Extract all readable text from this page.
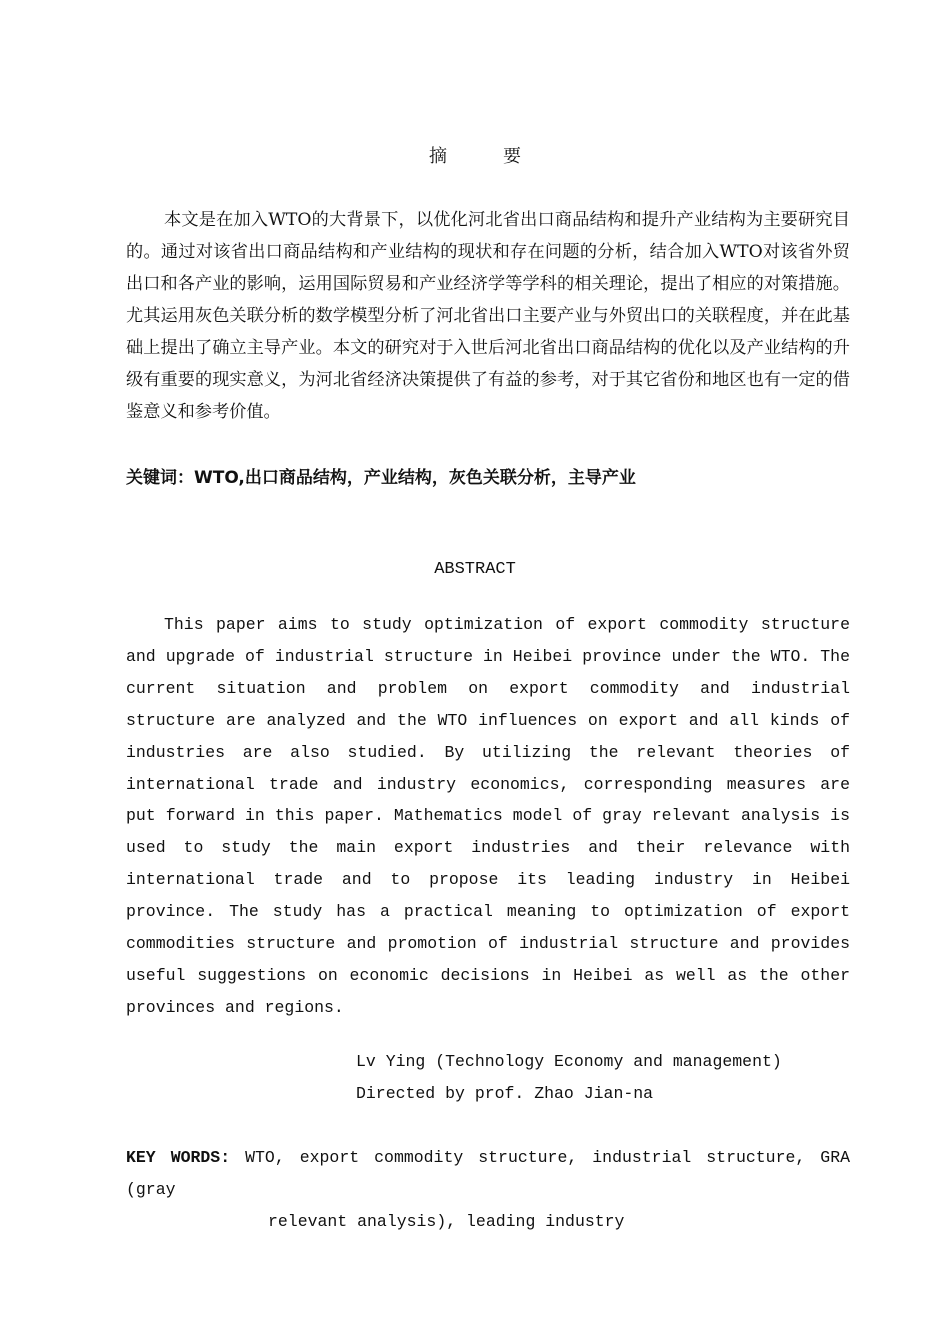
摘要

本文是在加入WTO的大背景下，以优化河北省出口商品结构和提升产业结构为主要研究目的。通过对该省出口商品结构和产业结构的现状和存在问题的分析，结合加入WTO对该省外贸出口和各产业的影响，运用国际贸易和产业经济学等学科的相关理论，提出了相应的对策措施。尤其运用灰色关联分析的数学模型分析了河北省出口主要产业与外贸出口的关联程度，并在此基础上提出了确立主导产业。本文的研究对于入世后河北省出口商品结构的优化以及产业结构的升级有重要的现实意义，为河北省经济决策提供了有益的参考，对于其它省份和地区也有一定的借鉴意义和参考价值。

关键词：WTO,出口商品结构，产业结构，灰色关联分析，主导产业

ABSTRACT

This paper aims to study optimization of export commodity structure and upgrade of industrial structure in Heibei province under the WTO. The current situation and problem on export commodity and industrial structure are analyzed and the WTO influences on export and all kinds of industries are also studied. By utilizing the relevant theories of international trade and industry economics, corresponding measures are put forward in this paper. Mathematics model of gray relevant analysis is used to study the main export industries and their relevance with international trade and to propose its leading industry in Heibei province. The study has a practical meaning to optimization of export commodities structure and promotion of industrial structure and provides useful suggestions on economic decisions in Heibei as well as the other provinces and regions.

Lv Ying (Technology Economy and management)
Directed by prof. Zhao Jian-na
KEY WORDS: WTO, export commodity structure, industrial structure, GRA (gray
relevant analysis), leading industry
